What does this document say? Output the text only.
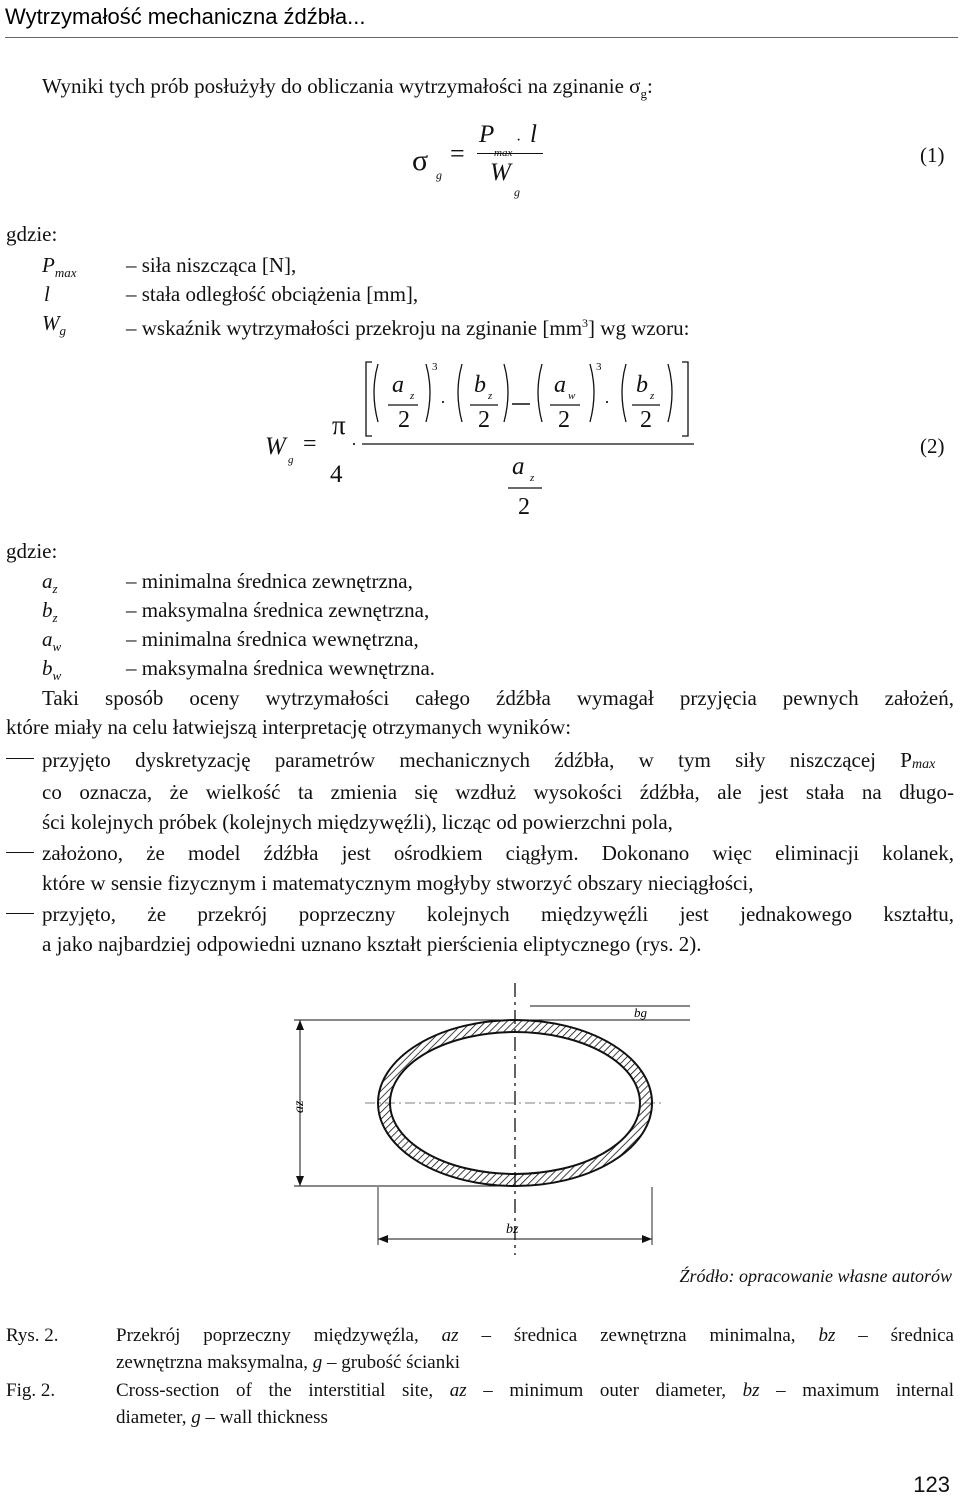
Wytrzymałość mechaniczna źdźbła...
Wyniki tych prób posłużyły do obliczania wytrzymałości na zginanie $\sigma_g$:
σ g
=
P
max
· l
W
g
(1)
gdzie:
$P_{max}$ – siła niszcząca [N],
l	– stała odległość obciążenia [mm],
$W_g$	– wskaźnik wytrzymałości przekroju na zginanie $[mm^3]$ wg wzoru:
W g
=
π
4
·
a z
2
3
·
b z
2
a w
2
3
·
b z
2
a z
2
(2)
gdzie:
$a_z$	– minimalna średnica zewnętrzna,
$b_z$	– maksymalna średnica zewnętrzna,
$a_w$	– minimalna średnica wewnętrzna,
$b_w$	– maksymalna średnica wewnętrzna.
Taki sposób oceny wytrzymałości całego źdźbła wymagał przyjęcia pewnych założeń,
które miały na celu łatwiejszą interpretację otrzymanych wyników:
przyjęto dyskretyzację parametrów mechanicznych źdźbła, w tym siły niszczącej P max
co oznacza, że wielkość ta zmienia się wzdłuż wysokości źdźbła, ale jest stała na długo-
ści kolejnych próbek (kolejnych międzywęźli), licząc od powierzchni pola,
założono, że model źdźbła jest ośrodkiem ciągłym. Dokonano więc eliminacji kolanek,
które w sensie fizycznym i matematycznym mogłyby stworzyć obszary nieciągłości,
przyjęto, że przekrój poprzeczny kolejnych międzywęźli jest jednakowego kształtu,
a jako najbardziej odpowiedni uznano kształt pierścienia eliptycznego (rys. 2).
bg
az
bz
Źródło: opracowanie własne autorów
Rys. 2.	Przekrój poprzeczny międzywęźla, az – średnica zewnętrzna minimalna, bz – średnica
zewnętrzna maksymalna, g – grubość ścianki
Fig. 2.	Cross-section of the interstitial site, az – minimum outer diameter, bz – maximum internal
diameter, g – wall thickness
123
